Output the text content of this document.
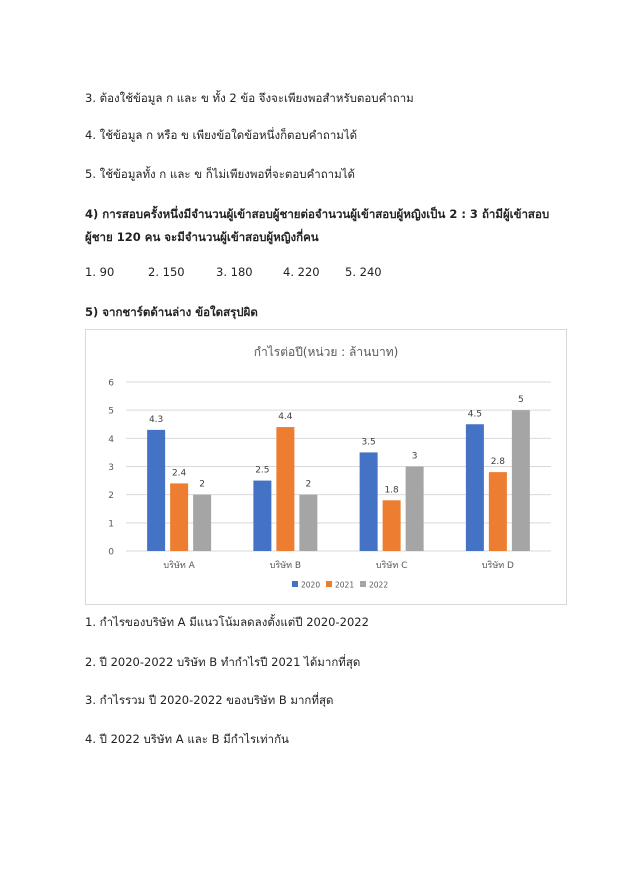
3. ต้องใช้ข้อมูล ก และ ข ทั้ง 2 ข้อ จึงจะเพียงพอสำหรับตอบคำถาม
4. ใช้ข้อมูล ก หรือ ข เพียงข้อใดข้อหนึ่งก็ตอบคำถามได้
5. ใช้ข้อมูลทั้ง ก และ ข ก็ไม่เพียงพอที่จะตอบคำถามได้
4) การสอบครั้งหนึ่งมีจำนวนผู้เข้าสอบผู้ชายต่อจำนวนผู้เข้าสอบผู้หญิงเป็น 2 : 3 ถ้ามีผู้เข้าสอบ
ผู้ชาย 120 คน จะมีจำนวนผู้เข้าสอบผู้หญิงกี่คน
1. 90	2. 150	3. 180	4. 220 5. 240
5) จากชาร์ตด้านล่าง ข้อใดสรุปผิด
กำไรต่อปี(หน่วย : ล้านบาท)
0
1
2
3
4
5
6
4.3
2.4
2
บริษัท A
2.5
4.4
2
บริษัท B
3.5
1.8
3
บริษัท C
4.5
2.8
5
บริษัท D
2020 2021 2022
1. กำไรของบริษัท A มีแนวโน้มลดลงตั้งแต่ปี 2020-2022
2. ปี 2020-2022 บริษัท B ทำกำไรปี 2021 ได้มากที่สุด
3. กำไรรวม ปี 2020-2022 ของบริษัท B มากที่สุด
4. ปี 2022 บริษัท A และ B มีกำไรเท่ากัน
